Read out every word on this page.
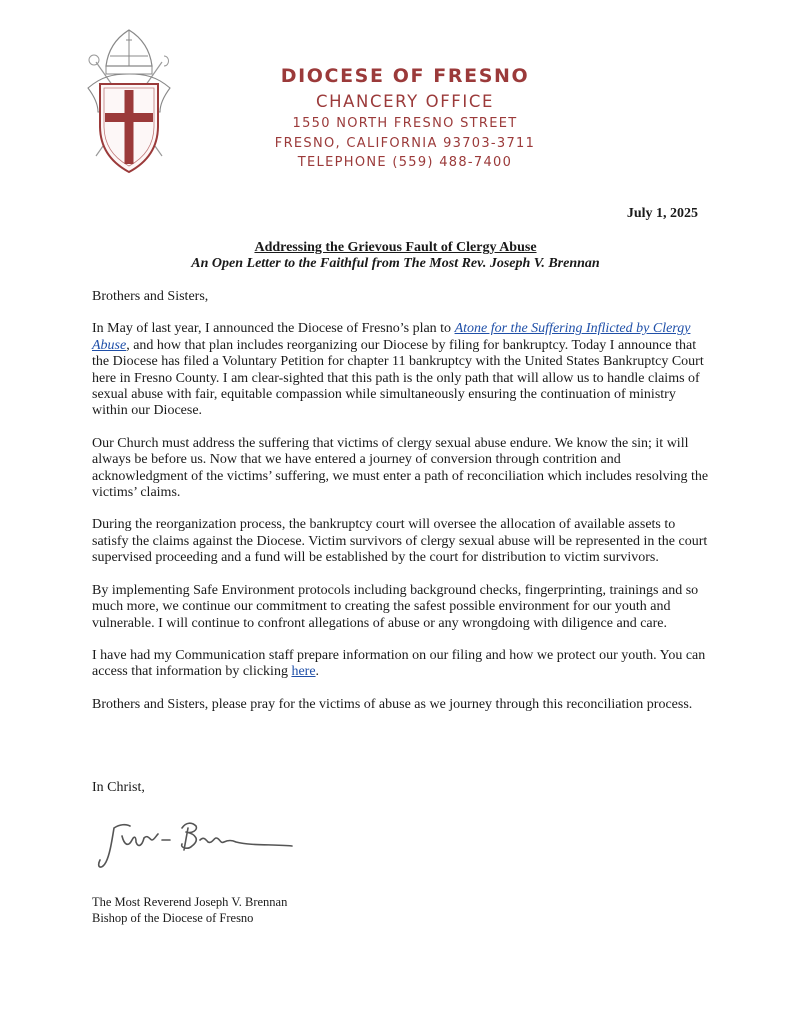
DIOCESE OF FRESNO
CHANCERY OFFICE
1550 NORTH FRESNO STREET
FRESNO, CALIFORNIA 93703-3711
TELEPHONE (559) 488-7400
July 1, 2025
Addressing the Grievous Fault of Clergy Abuse
An Open Letter to the Faithful from The Most Rev. Joseph V. Brennan

Brothers and Sisters,

In May of last year, I announced the Diocese of Fresno’s plan to Atone for the Suffering Inflicted by Clergy Abuse, and how that plan includes reorganizing our Diocese by filing for bankruptcy. Today I announce that the Diocese has filed a Voluntary Petition for chapter 11 bankruptcy with the United States Bankruptcy Court here in Fresno County. I am clear-sighted that this path is the only path that will allow us to handle claims of sexual abuse with fair, equitable compassion while simultaneously ensuring the continuation of ministry within our Diocese.

Our Church must address the suffering that victims of clergy sexual abuse endure. We know the sin; it will always be before us. Now that we have entered a journey of conversion through contrition and acknowledgment of the victims’ suffering, we must enter a path of reconciliation which includes resolving the victims’ claims.

During the reorganization process, the bankruptcy court will oversee the allocation of available assets to satisfy the claims against the Diocese. Victim survivors of clergy sexual abuse will be represented in the court supervised proceeding and a fund will be established by the court for distribution to victim survivors.

By implementing Safe Environment protocols including background checks, fingerprinting, trainings and so much more, we continue our commitment to creating the safest possible environment for our youth and vulnerable. I will continue to confront allegations of abuse or any wrongdoing with diligence and care.

I have had my Communication staff prepare information on our filing and how we protect our youth. You can access that information by clicking here.

Brothers and Sisters, please pray for the victims of abuse as we journey through this reconciliation process.

In Christ,
The Most Reverend Joseph V. Brennan
Bishop of the Diocese of Fresno
